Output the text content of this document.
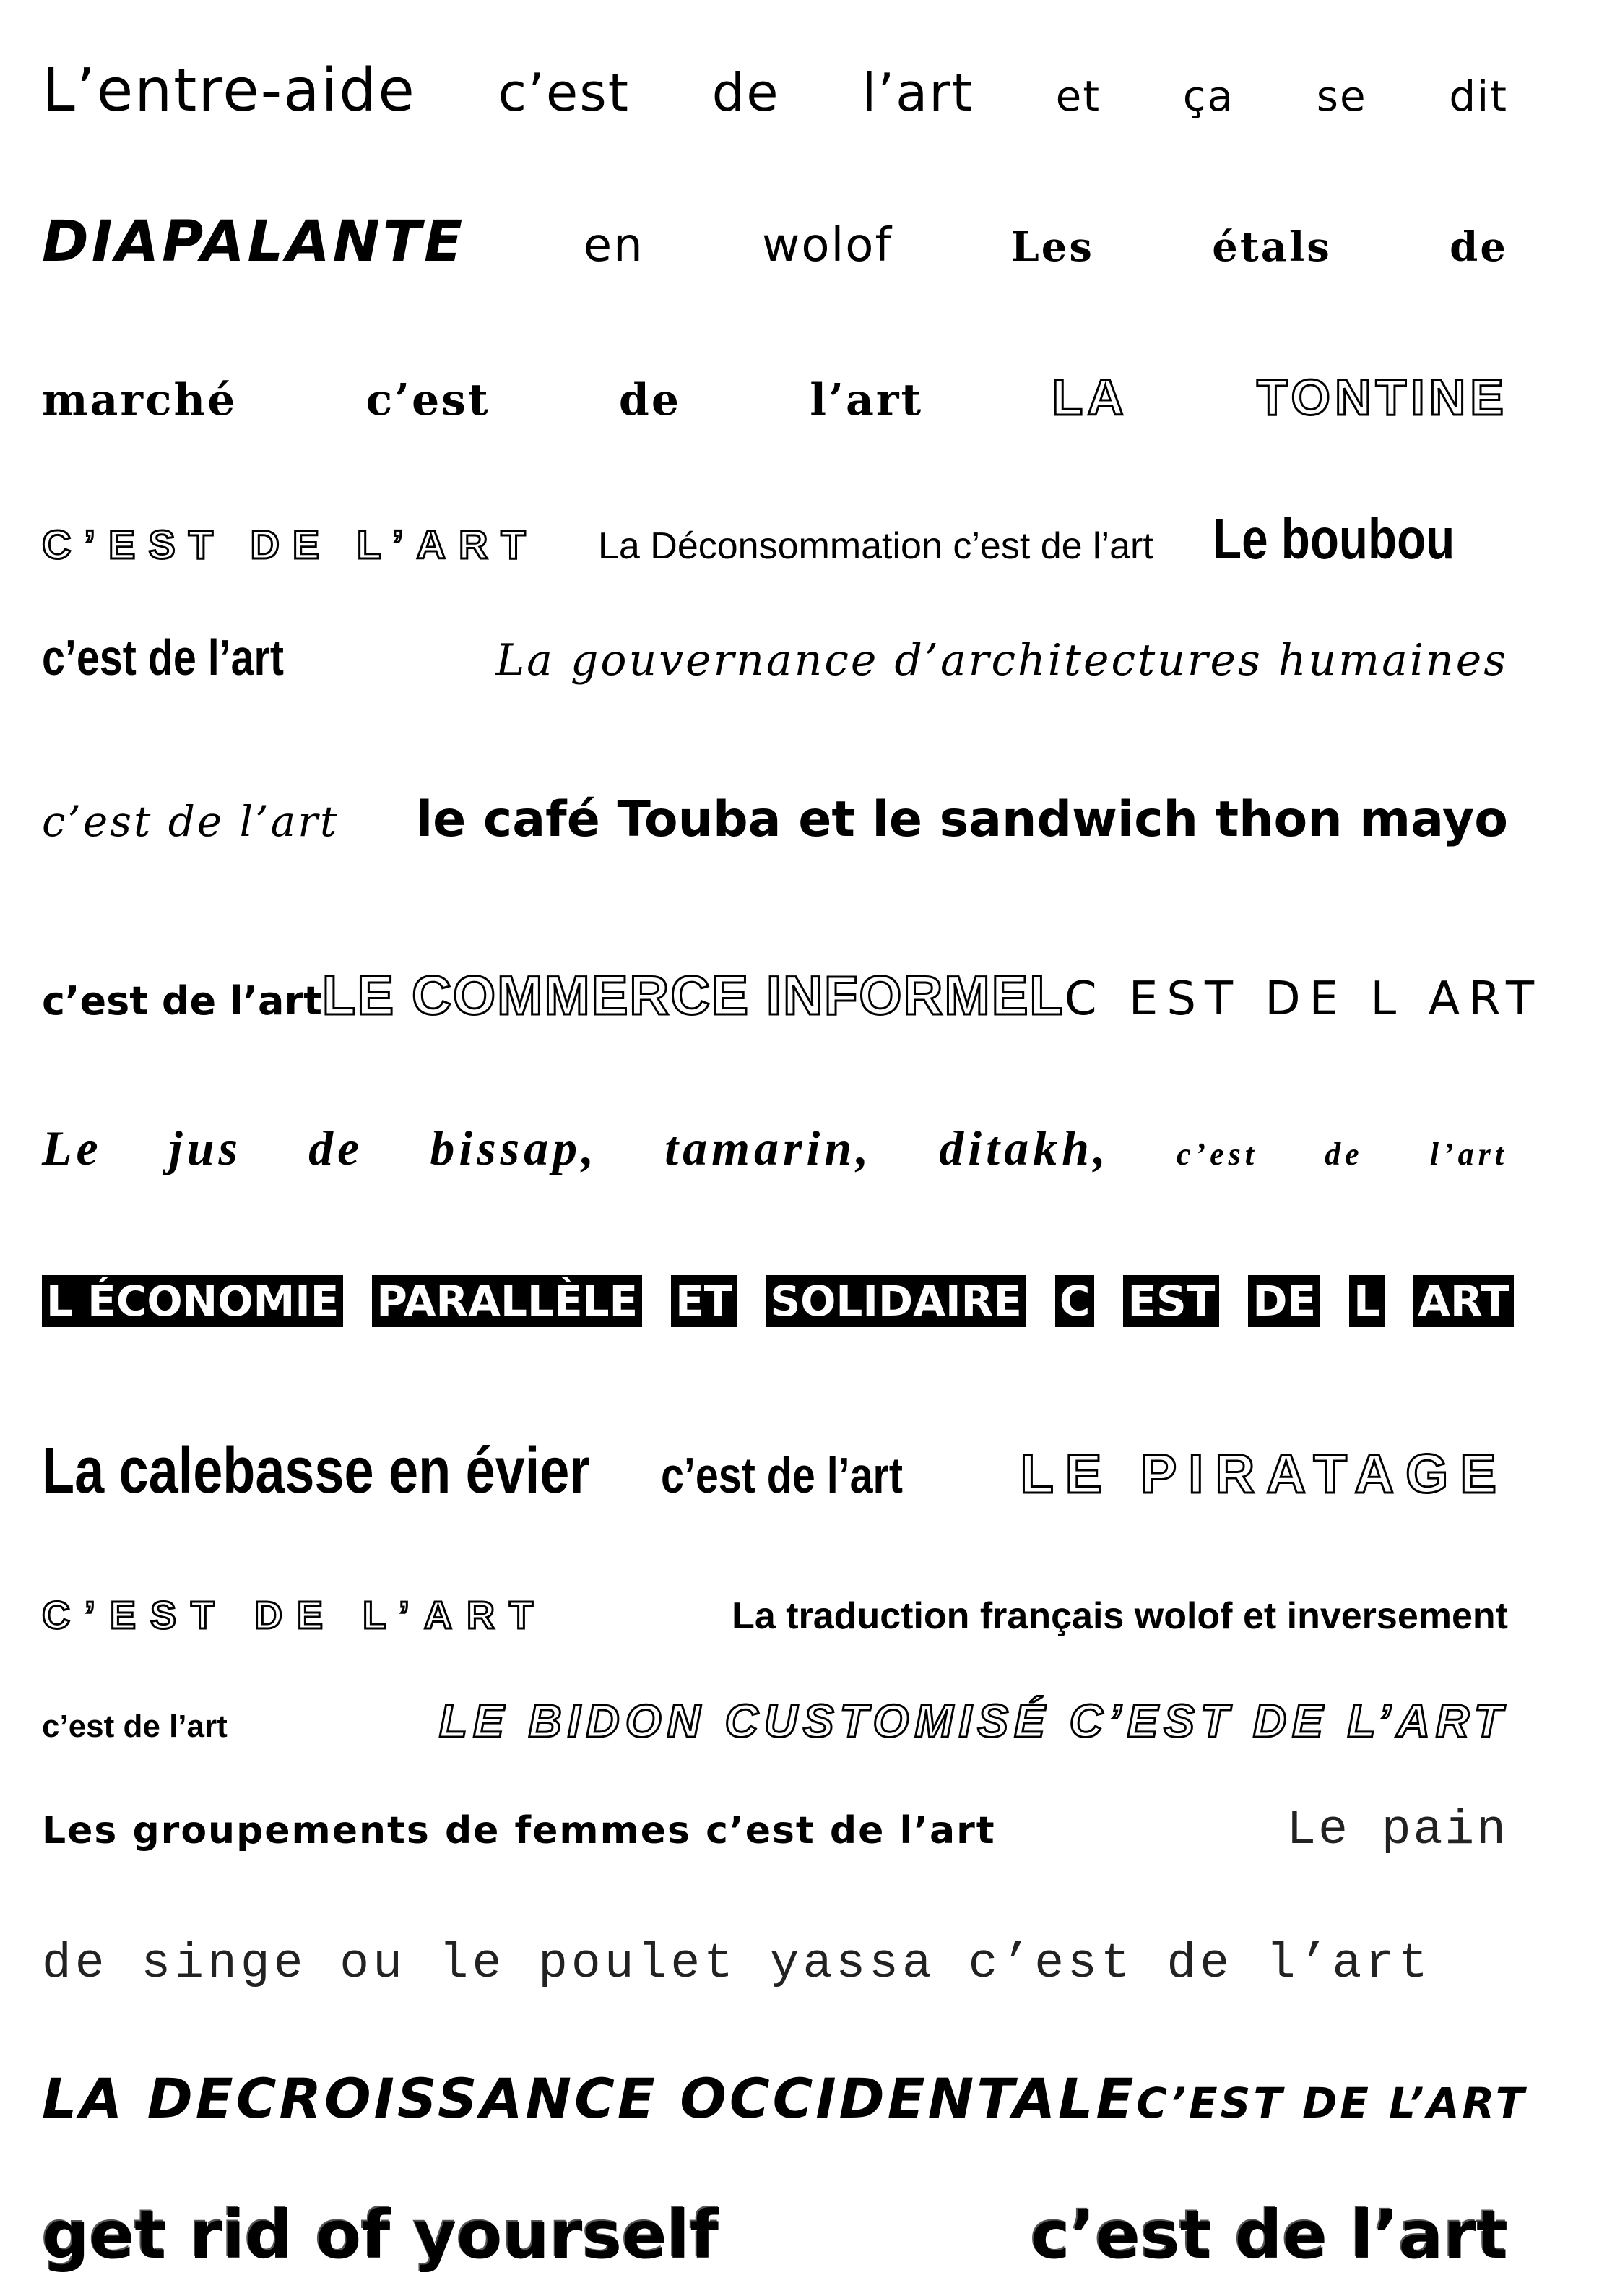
L’entre-aide c’est de l’art et ça se dit
DIAPALANTE	en	wolof	Les	étals	de
marché	c’est	de	l’art	LA	TONTINE
C’EST DE L’ART La Déconsommation c’est de l’art Le boubou
c’est de l’art	La gouvernance d’architectures humaines
c’est de l’art le café Touba et le sandwich thon mayo
c’est de l’art LE COMMERCE INFORMEL C EST DE L ART
Le jus de bissap, tamarin, ditakh, c’est de l’art
L ÉCONOMIE PARALLÈLE ET SOLIDAIRE C EST DE L ART
La calebasse en évier c’est de l’art LE PIRATAGE
C’EST DE L’ART	La traduction français wolof et inversement
c’est de l’art	LE BIDON CUSTOMISÉ C’EST DE L’ART
Les groupements de femmes c’est de l’art	Le pain
de singe ou le poulet yassa c’est de l’art
LA DECROISSANCE OCCIDENTALE C’EST DE L’ART
get rid of yourself	c’est de l’art
